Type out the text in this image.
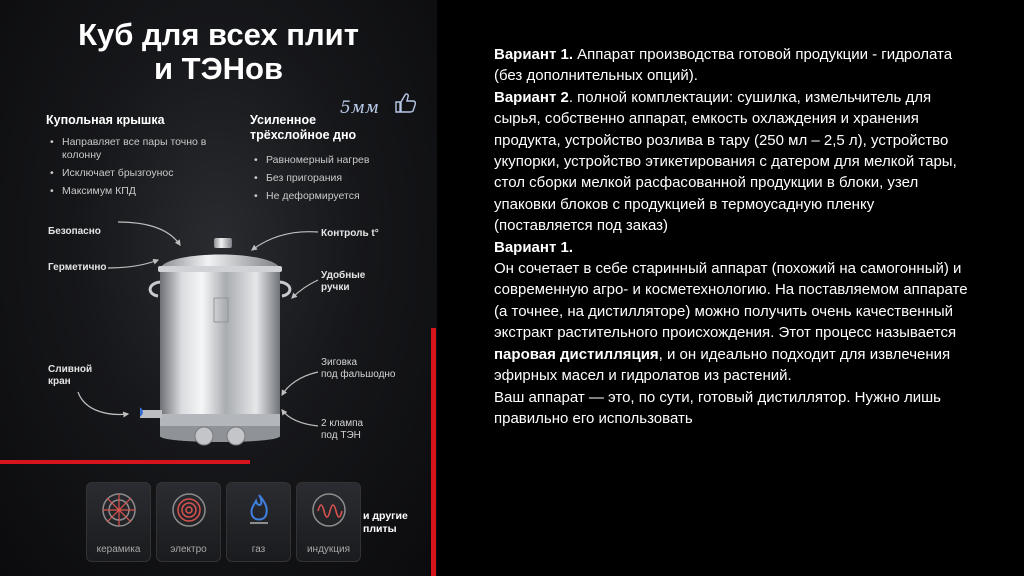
Куб для всех плит
и ТЭНов
Купольная крышка
• Направляет все пары точно в колонну
• Исключает брызгоунос
• Максимум КПД
Усиленное
трёхслойное дно
5мм
• Равномерный нагрев
• Без пригорания
• Не деформируется
Безопасно
Герметично
Контроль t°
Удобные
ручки
Сливной
кран
Зиговка
под фальшодно
2 клампа
под ТЭН
керамика	электро	газ	индукция
и другие
плиты

Вариант 1. Аппарат производства готовой продукции - гидролата (без дополнительных опций).

Вариант 2. полной комплектации: сушилка, измельчитель для сырья, собственно аппарат, емкость охлаждения и хранения продукта, устройство розлива в тару (250 мл – 2,5 л), устройство укупорки, устройство этикетирования с датером для мелкой тары, стол сборки мелкой расфасованной продукции в блоки, узел упаковки блоков с продукцией в термоусадную пленку (поставляется под заказ)

Вариант 1.

Он сочетает в себе старинный аппарат (похожий на самогонный) и современную агро- и косметехнологию. На поставляемом аппарате (а точнее, на дистилляторе) можно получить очень качественный экстракт растительного происхождения. Этот процесс называется паровая дистилляция, и он идеально подходит для извлечения эфирных масел и гидролатов из растений.

Ваш аппарат — это, по сути, готовый дистиллятор. Нужно лишь правильно его использовать
